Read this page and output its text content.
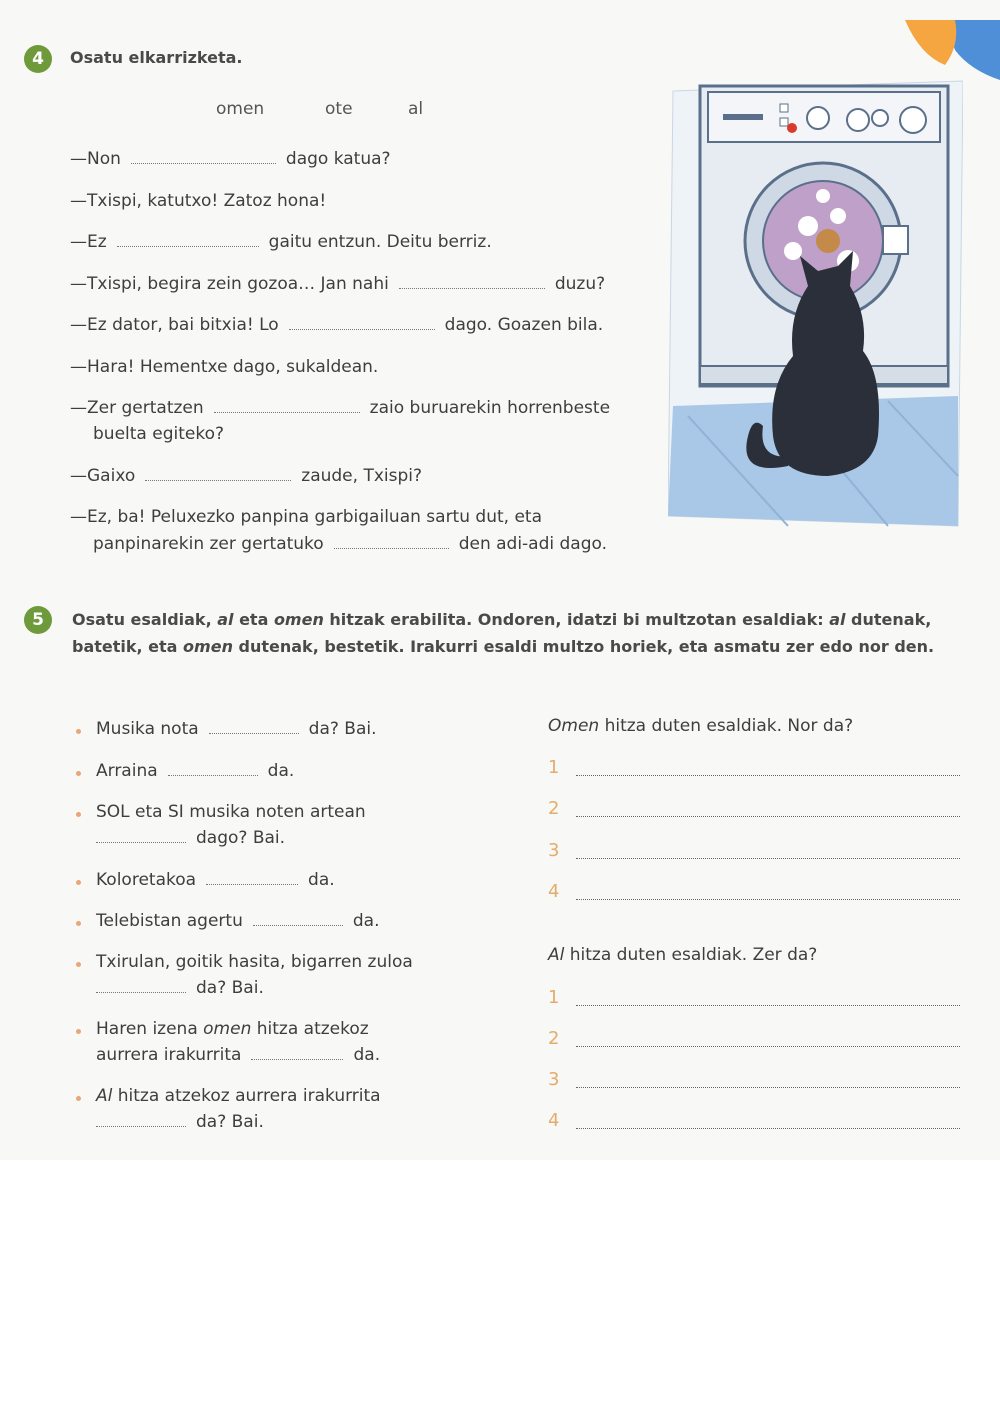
4	Osatu elkarrizketa.
omen	ote	al
—Non	dago katua?
—Txispi, katutxo! Zatoz hona!
—Ez	gaitu entzun. Deitu berriz.
—Txispi, begira zein gozoa… Jan nahi	duzu?
—Ez dator, bai bitxia! Lo	dago. Goazen bila.
—Hara! Hementxe dago, sukaldean.
—Zer gertatzen	zaio buruarekin horrenbeste
buelta egiteko?
—Gaixo	zaude, Txispi?
—Ez, ba! Peluxezko panpina garbigailuan sartu dut, eta
panpinarekin zer gertatuko	den adi-adi dago.
5	Osatu esaldiak, al eta omen hitzak erabilita. Ondoren, idatzi bi multzotan esaldiak: al dutenak, batetik, eta omen dutenak, bestetik. Irakurri esaldi multzo horiek, eta asmatu zer edo nor den.
Musika nota	da? Bai.
Arraina	da.
SOL eta SI musika noten artean
dago? Bai.
Koloretakoa	da.
Telebistan agertu	da.
Txirulan, goitik hasita, bigarren zuloa
da? Bai.
Haren izena omen hitza atzekoz
aurrera irakurrita	da.
Al hitza atzekoz aurrera irakurrita
da? Bai.
Omen hitza duten esaldiak. Nor da?
1
2
3
4
Al hitza duten esaldiak. Zer da?
1
2
3
4
